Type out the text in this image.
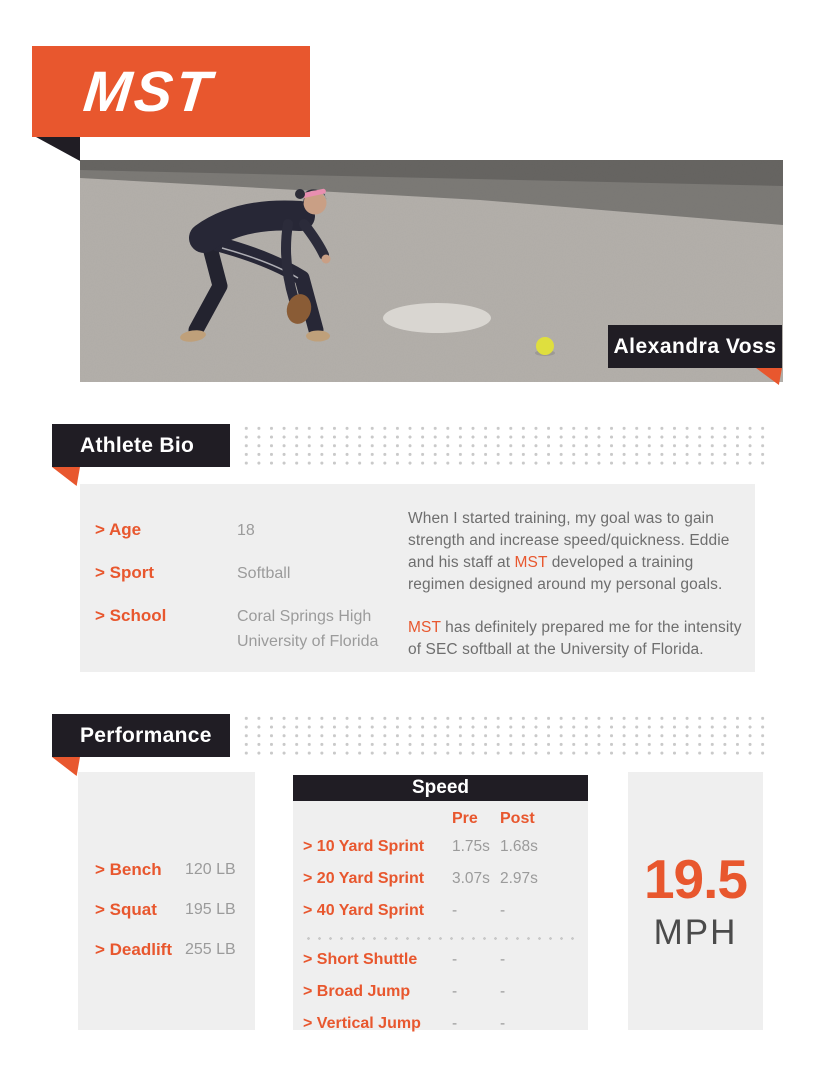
MST
Alexandra Voss
Athlete Bio
> Age	18
> Sport	Softball
> School	Coral Springs High
University of Florida

When I started training, my goal was to gain strength and increase speed/quickness. Eddie and his staff at MST developed a training regimen designed around my personal goals.

MST has definitely prepared me for the intensity of SEC softball at the University of Florida.

Performance
> Bench	120 LB
> Squat	195 LB
> Deadlift 255 LB
Speed
Pre	Post
> 10 Yard Sprint	1.75s 1.68s
> 20 Yard Sprint	3.07s 2.97s
> 40 Yard Sprint	-	-
> Short Shuttle	-	-
> Broad Jump	-	-
> Vertical Jump	-	-
19.5
MPH
